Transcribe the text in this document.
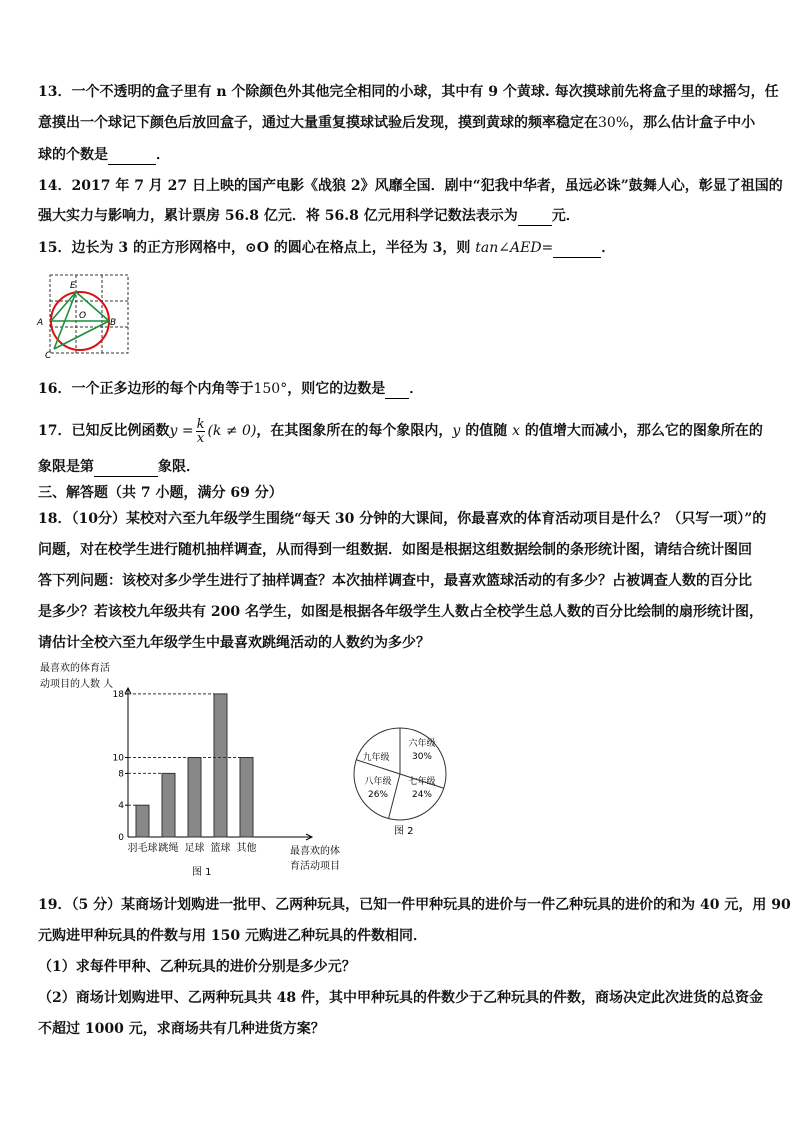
13．一个不透明的盒子里有 n 个除颜色外其他完全相同的小球，其中有 9 个黄球. 每次摸球前先将盒子里的球摇匀，任
意摸出一个球记下颜色后放回盒子，通过大量重复摸球试验后发现，摸到黄球的频率稳定在30%，那么估计盒子中小
球的个数是	．
14．2017 年 7 月 27 日上映的国产电影《战狼 2》风靡全国．剧中“犯我中华者，虽远必诛”鼓舞人心，彰显了祖国的
强大实力与影响力，累计票房 56.8 亿元．将 56.8 亿元用科学记数法表示为 元．
15．边长为 3 的正方形网格中，⊙O 的圆心在格点上，半径为 3，则 tan∠AED=	．
E
O
A	B
C
16．一个正多边形的每个内角等于150°，则它的边数是 ．
17．已知反比例函数$y = \frac{k}{x} (k \ne 0)$，在其图象所在的每个象限内，y 的值随 x 的值增大而减小，那么它的图象所在的
象限是第	象限．
三、解答题（共 7 小题，满分 69 分）
18．（10分）某校对六至九年级学生围绕“每天 30 分钟的大课间，你最喜欢的体育活动项目是什么？（只写一项）”的
问题，对在校学生进行随机抽样调查，从而得到一组数据．如图是根据这组数据绘制的条形统计图，请结合统计图回
答下列问题：该校对多少学生进行了抽样调查？本次抽样调查中，最喜欢篮球活动的有多少？占被调查人数的百分比
是多少？若该校九年级共有 200 名学生，如图是根据各年级学生人数占全校学生总人数的百分比绘制的扇形统计图，
请估计全校六至九年级学生中最喜欢跳绳活动的人数约为多少？
最喜欢的体育活
动项目的人数 人
羽毛球 跳绳 足球 篮球 其他
0
4
8
10
18
最喜欢的体
育活动项目
图 1
六年级
30%
七年级
24%
八年级
26%
九年级
图 2
19．（5 分）某商场计划购进一批甲、乙两种玩具，已知一件甲种玩具的进价与一件乙种玩具的进价的和为 40 元，用 90
元购进甲种玩具的件数与用 150 元购进乙种玩具的件数相同．
（1）求每件甲种、乙种玩具的进价分别是多少元？
（2）商场计划购进甲、乙两种玩具共 48 件，其中甲种玩具的件数少于乙种玩具的件数，商场决定此次进货的总资金
不超过 1000 元，求商场共有几种进货方案？
